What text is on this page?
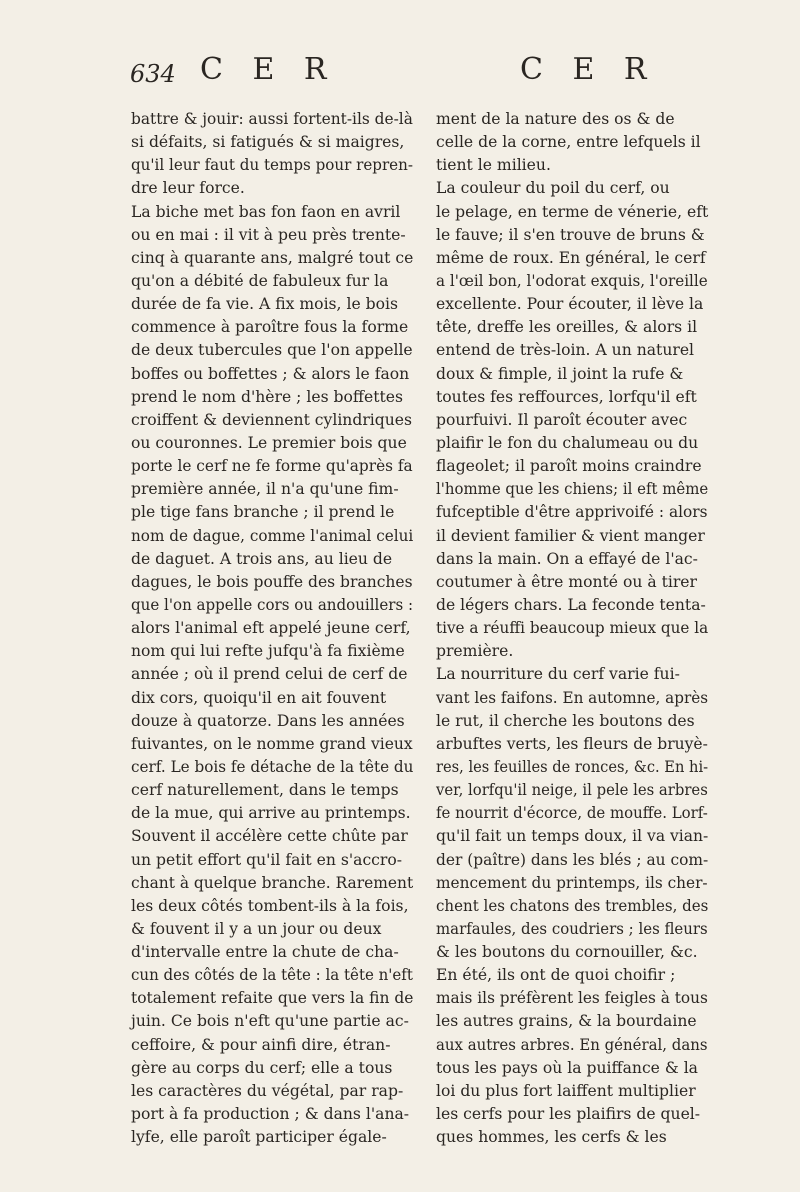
634 C E R	C E R
battre & jouir: aussi fortent-ils de-là
si défaits, si fatigués & si maigres,
qu'il leur faut du temps pour repren-
dre leur force.
La biche met bas fon faon en avril
ou en mai : il vit à peu près trente-
cinq à quarante ans, malgré tout ce
qu'on a débité de fabuleux fur la
durée de fa vie. A fix mois, le bois
commence à paroître fous la forme
de deux tubercules que l'on appelle
boffes ou boffettes ; & alors le faon
prend le nom d'hère ; les boffettes
croiffent & deviennent cylindriques
ou couronnes. Le premier bois que
porte le cerf ne fe forme qu'après fa
première année, il n'a qu'une fim-
ple tige fans branche ; il prend le
nom de dague, comme l'animal celui
de daguet. A trois ans, au lieu de
dagues, le bois pouffe des branches
que l'on appelle cors ou andouillers :
alors l'animal eft appelé jeune cerf,
nom qui lui refte jufqu'à fa fixième
année ; où il prend celui de cerf de
dix cors, quoiqu'il en ait fouvent
douze à quatorze. Dans les années
fuivantes, on le nomme grand vieux
cerf. Le bois fe détache de la tête du
cerf naturellement, dans le temps
de la mue, qui arrive au printemps.
Souvent il accélère cette chûte par
un petit effort qu'il fait en s'accro-
chant à quelque branche. Rarement
les deux côtés tombent-ils à la fois,
& fouvent il y a un jour ou deux
d'intervalle entre la chute de cha-
cun des côtés de la tête : la tête n'eft
totalement refaite que vers la fin de
juin. Ce bois n'eft qu'une partie ac-
ceffoire, & pour ainfi dire, étran-
gère au corps du cerf; elle a tous
les caractères du végétal, par rap-
port à fa production ; & dans l'ana-
lyfe, elle paroît participer égale-
ment de la nature des os & de
celle de la corne, entre lefquels il
tient le milieu.
La couleur du poil du cerf, ou
le pelage, en terme de vénerie, eft
le fauve; il s'en trouve de bruns &
même de roux. En général, le cerf
a l'œil bon, l'odorat exquis, l'oreille
excellente. Pour écouter, il lève la
tête, dreffe les oreilles, & alors il
entend de très-loin. A un naturel
doux & fimple, il joint la rufe &
toutes fes reffources, lorfqu'il eft
pourfuivi. Il paroît écouter avec
plaifir le fon du chalumeau ou du
flageolet; il paroît moins craindre
l'homme que les chiens; il eft même
fufceptible d'être apprivoifé : alors
il devient familier & vient manger
dans la main. On a effayé de l'ac-
coutumer à être monté ou à tirer
de légers chars. La feconde tenta-
tive a réuffi beaucoup mieux que la
première.
La nourriture du cerf varie fui-
vant les faifons. En automne, après
le rut, il cherche les boutons des
arbuftes verts, les fleurs de bruyè-
res, les feuilles de ronces, &c. En hi-
ver, lorfqu'il neige, il pele les arbres
fe nourrit d'écorce, de mouffe. Lorf-
qu'il fait un temps doux, il va vian-
der (paître) dans les blés ; au com-
mencement du printemps, ils cher-
chent les chatons des trembles, des
marfaules, des coudriers ; les fleurs
& les boutons du cornouiller, &c.
En été, ils ont de quoi choifir ;
mais ils préfèrent les feigles à tous
les autres grains, & la bourdaine
aux autres arbres. En général, dans
tous les pays où la puiffance & la
loi du plus fort laiffent multiplier
les cerfs pour les plaifirs de quel-
ques hommes, les cerfs & les
